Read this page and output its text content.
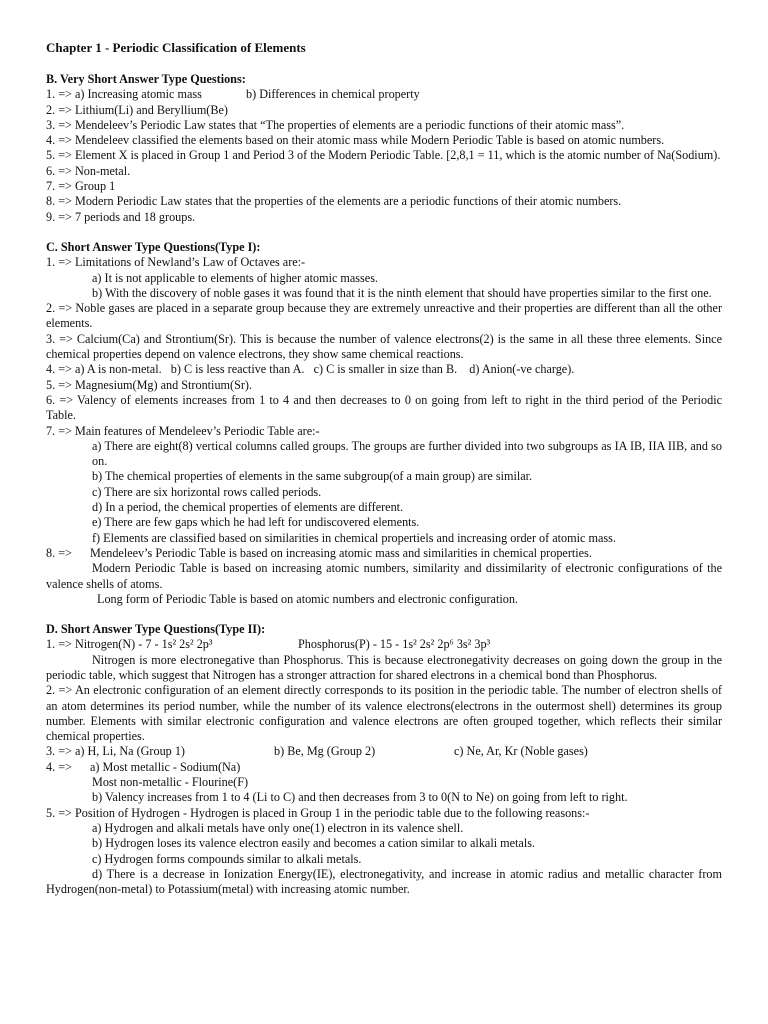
Chapter 1 - Periodic Classification of Elements
B. Very Short Answer Type Questions:
1. => a) Increasing atomic mass	b) Differences in chemical property
2. => Lithium(Li) and Beryllium(Be)
3. => Mendeleev’s Periodic Law states that “The properties of elements are a periodic functions of their atomic mass”.
4. => Mendeleev classified the elements based on their atomic mass while Modern Periodic Table is based on atomic numbers.
5. => Element X is placed in Group 1 and Period 3 of the Modern Periodic Table. [2,8,1 = 11, which is the atomic number of Na(Sodium).
6. => Non-metal.
7. => Group 1
8. => Modern Periodic Law states that the properties of the elements are a periodic functions of their atomic numbers.
9. => 7 periods and 18 groups.
C. Short Answer Type Questions(Type I):
1. => Limitations of Newland’s Law of Octaves are:-
a) It is not applicable to elements of higher atomic masses.
b) With the discovery of noble gases it was found that it is the ninth element that should have properties similar to the first one.
2. => Noble gases are placed in a separate group because they are extremely unreactive and their properties are different than all the other elements.
3. => Calcium(Ca) and Strontium(Sr). This is because the number of valence electrons(2) is the same in all these three elements. Since chemical properties depend on valence electrons, they show same chemical reactions.
4. => a) A is non-metal.   b) C is less reactive than A.   c) C is smaller in size than B.    d) Anion(-ve charge).
5. => Magnesium(Mg) and Strontium(Sr).
6. => Valency of elements increases from 1 to 4 and then decreases to 0 on going from left to right in the third period of the Periodic Table.
7. => Main features of Mendeleev’s Periodic Table are:-
a) There are eight(8) vertical columns called groups. The groups are further divided into two subgroups as IA IB, IIA IIB, and so on.
b) The chemical properties of elements in the same subgroup(of a main group) are similar.
c) There are six horizontal rows called periods.
d) In a period, the chemical properties of elements are different.
e) There are few gaps which he had left for undiscovered elements.
f) Elements are classified based on similarities in chemical propertiels and increasing order of atomic mass.
8. => Mendeleev’s Periodic Table is based on increasing atomic mass and similarities in chemical properties.
Modern Periodic Table is based on increasing atomic numbers, similarity and dissimilarity of electronic configurations of the valence shells of atoms.
Long form of Periodic Table is based on atomic numbers and electronic configuration.
D. Short Answer Type Questions(Type II):
1. => Nitrogen(N) - 7 - 1s² 2s² 2p³	Phosphorus(P) - 15 - 1s² 2s² 2p⁶ 3s² 3p³
Nitrogen is more electronegative than Phosphorus. This is because electronegativity decreases on going down the group in the periodic table, which suggest that Nitrogen has a stronger attraction for shared electrons in a chemical bond than Phosphorus.
2. => An electronic configuration of an element directly corresponds to its position in the periodic table. The number of electron shells of an atom determines its period number, while the number of its valence electrons(electrons in the outermost shell) determines its group number. Elements with similar electronic configuration and valence electrons are often grouped together, which reflects their similar chemical properties.
3. => a) H, Li, Na (Group 1)	b) Be, Mg (Group 2)	c) Ne, Ar, Kr (Noble gases)
4. => a) Most metallic - Sodium(Na)
Most non-metallic - Flourine(F)
b) Valency increases from 1 to 4 (Li to C) and then decreases from 3 to 0(N to Ne) on going from left to right.
5. => Position of Hydrogen - Hydrogen is placed in Group 1 in the periodic table due to the following reasons:-
a) Hydrogen and alkali metals have only one(1) electron in its valence shell.
b) Hydrogen loses its valence electron easily and becomes a cation similar to alkali metals.
c) Hydrogen forms compounds similar to alkali metals.
d) There is a decrease in Ionization Energy(IE), electronegativity, and increase in atomic radius and metallic character from Hydrogen(non-metal) to Potassium(metal) with increasing atomic number.
